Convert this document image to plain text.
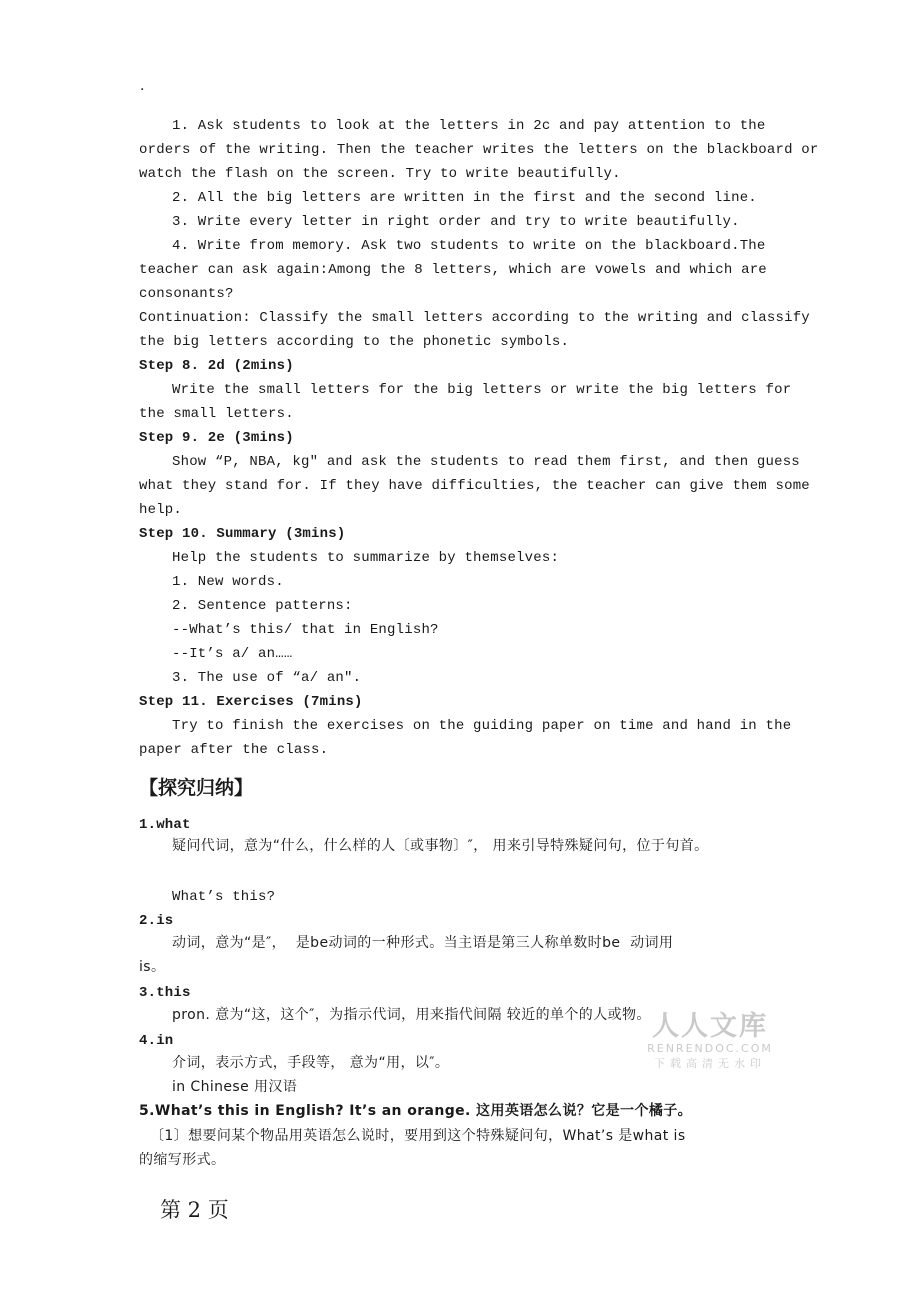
.
1. Ask students to look at the letters in 2c and pay attention to the
orders of the writing. Then the teacher writes the letters on the blackboard or
watch the flash on the screen. Try to write beautifully.
2. All the big letters are written in the first and the second line.
3. Write every letter in right order and try to write beautifully.
4. Write from memory. Ask two students to write on the blackboard.The
teacher can ask again:Among the 8 letters, which are vowels and which are
consonants?
Continuation: Classify the small letters according to the writing and classify
the big letters according to the phonetic symbols.
Step 8. 2d (2mins)
Write the small letters for the big letters or write the big letters for
the small letters.
Step 9. 2e (3mins)
Show “P, NBA, kg″ and ask the students to read them first, and then guess
what they stand for. If they have difficulties, the teacher can give them some
help.
Step 10. Summary (3mins)
Help the students to summarize by themselves:
1. New words.
2. Sentence patterns:
--What’s this/ that in English?
--It’s a/ an……
3. The use of “a/ an″.
Step 11. Exercises (7mins)
Try to finish the exercises on the guiding paper on time and hand in the
paper after the class.
【探究归纳】
1.what
疑问代词，意为“什么，什么样的人〔或事物〕″， 用来引导特殊疑问句，位于句首。
What’s this?
2.is
动词，意为“是″，  是be动词的一种形式。当主语是第三人称单数时be  动词用
is。
3.this
pron. 意为“这，这个″，为指示代词，用来指代间隔 较近的单个的人或物。
4.in
介词，表示方式，手段等， 意为“用，以″。
in Chinese 用汉语
5.What’s this in English? It’s an orange. 这用英语怎么说？它是一个橘子。
〔1〕想要问某个物品用英语怎么说时，要用到这个特殊疑问句，What’s 是what is
的缩写形式。
人人文库
RENRENDOC.COM
下载高清无水印
第 2 页
